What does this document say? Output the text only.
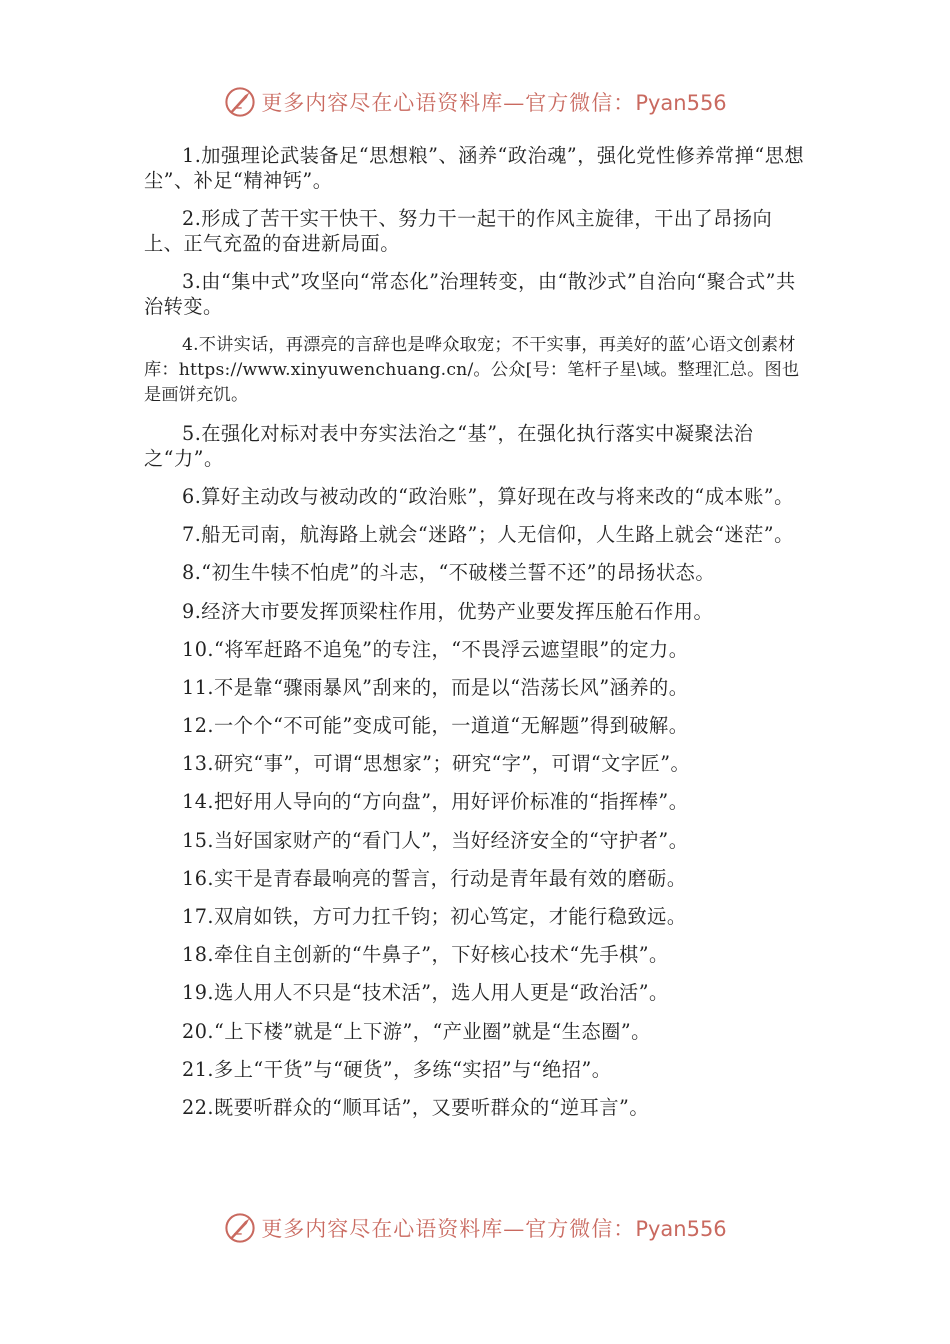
更多内容尽在心语资料库—官方微信：Pyan556

1.加强理论武装备足“思想粮”、涵养“政治魂”，强化党性修养常掸“思想尘”、补足“精神钙”。

2.形成了苦干实干快干、努力干一起干的作风主旋律，干出了昂扬向上、正气充盈的奋进新局面。

3.由“集中式”攻坚向“常态化”治理转变，由“散沙式”自治向“聚合式”共治转变。

4.不讲实话，再漂亮的言辞也是哗众取宠；不干实事，再美好的蓝’心语文创素材库：https://www.xinyuwenchuang.cn/。公众[号：笔杆子星\域。整理汇总。图也是画饼充饥。

5.在强化对标对表中夯实法治之“基”，在强化执行落实中凝聚法治之“力”。

6.算好主动改与被动改的“政治账”，算好现在改与将来改的“成本账”。

7.船无司南，航海路上就会“迷路”；人无信仰，人生路上就会“迷茫”。

8.“初生牛犊不怕虎”的斗志，“不破楼兰誓不还”的昂扬状态。

9.经济大市要发挥顶梁柱作用，优势产业要发挥压舱石作用。

10.“将军赶路不追兔”的专注，“不畏浮云遮望眼”的定力。

11.不是靠“骤雨暴风”刮来的，而是以“浩荡长风”涵养的。

12.一个个“不可能”变成可能，一道道“无解题”得到破解。

13.研究“事”，可谓“思想家”；研究“字”，可谓“文字匠”。

14.把好用人导向的“方向盘”，用好评价标准的“指挥棒”。

15.当好国家财产的“看门人”，当好经济安全的“守护者”。

16.实干是青春最响亮的誓言，行动是青年最有效的磨砺。

17.双肩如铁，方可力扛千钧；初心笃定，才能行稳致远。

18.牵住自主创新的“牛鼻子”，下好核心技术“先手棋”。

19.选人用人不只是“技术活”，选人用人更是“政治活”。

20.“上下楼”就是“上下游”，“产业圈”就是“生态圈”。

21.多上“干货”与“硬货”，多练“实招”与“绝招”。

22.既要听群众的“顺耳话”，又要听群众的“逆耳言”。

更多内容尽在心语资料库—官方微信：Pyan556
